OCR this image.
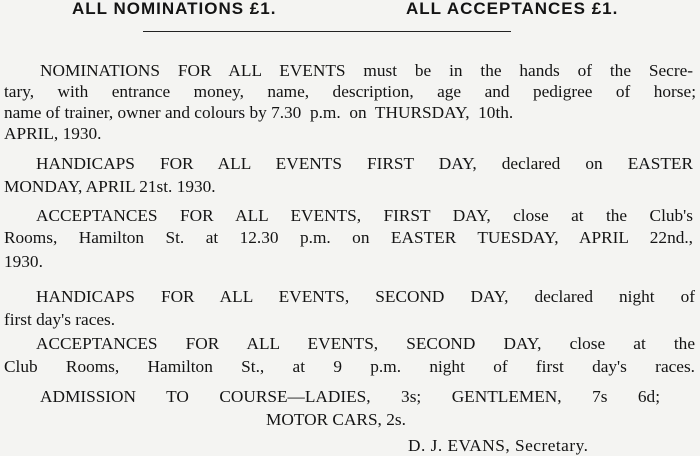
ALL NOMINATIONS £1.	ALL ACCEPTANCES £1.
NOMINATIONS FOR ALL EVENTS must be in the hands of the Secre-
tary, with entrance money, name, description, age and pedigree of horse;
name of trainer, owner and colours by 7.30  p.m.  on  THURSDAY,  10th.
APRIL, 1930.
HANDICAPS FOR ALL EVENTS FIRST DAY, declared on EASTER
MONDAY, APRIL 21st. 1930.
ACCEPTANCES FOR ALL EVENTS, FIRST DAY, close at the Club's
Rooms, Hamilton St. at 12.30 p.m. on EASTER TUESDAY, APRIL 22nd.,
1930.
HANDICAPS FOR ALL EVENTS, SECOND DAY, declared night of
first day's races.
ACCEPTANCES FOR ALL EVENTS, SECOND DAY, close at the
Club Rooms, Hamilton St., at 9 p.m. night of first day's races.
ADMISSION TO COURSE—LADIES, 3s; GENTLEMEN, 7s 6d;
MOTOR CARS, 2s.
D. J. EVANS, Secretary.
